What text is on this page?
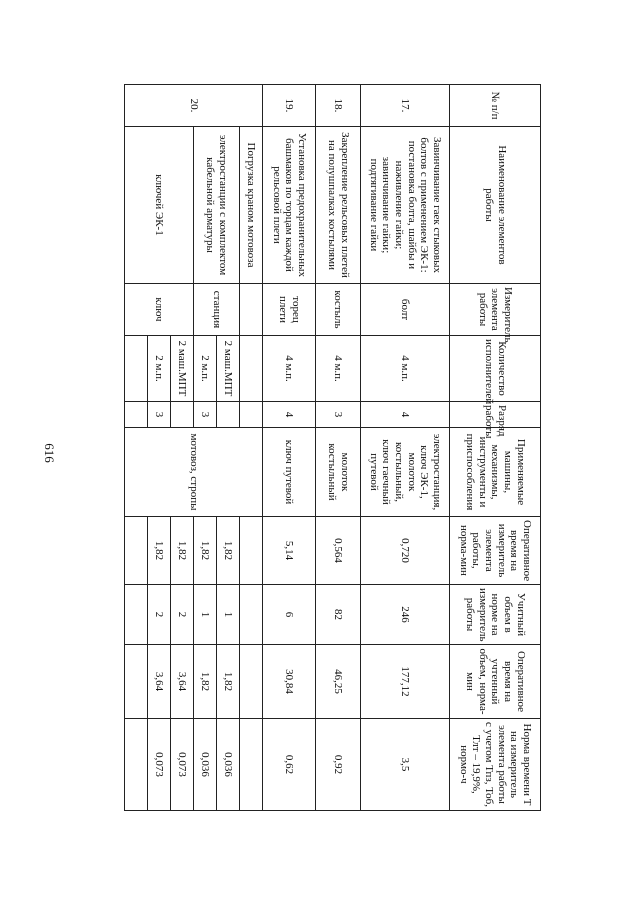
616
№ п/п	Наименование элементов работы	Измеритель элемента работы	Количество исполнителей	Разряд работы	Применяемые машины, механизмы, инструменты и приспособления	Оперативное время на измеритель элемента работы, норма-мин	Учитный объем в норме на измеритель работы	Оперативное время на учтенный объем, норма-мин	Норма времени Т на измеритель элемента работы с учетом Тпз, Тоб, Тлт – 19,9%, нормо-ч
17.	Завинчивание гаек стыковых болтов с применением ЭК-1: постановка болта, шайбы и наживление гайки; завинчивание гайки; подтягивание гайки	болт	4 м.п.	4	электростанция, ключ ЭК-1, молоток костыльный, ключ гаечный путевой	0,720	246	177,12	3,5
18.	Закрепление рельсовых плетей на полушпалках костылями	костыль	4 м.п.	3	молоток костыльный	0,564	82	46,25	0,92
19.	Установка предохранительных башмаков по торцам каждой рельсовой плети	торец плети	4 м.п.	4	ключ путевой	5,14	6	30,84	0,62
20.	Погрузка краном мотовоза				мотовоз, стропы				
	электростанции с комплектом кабельной арматуры	станция	2 маш.МПТ			1,82	1	1,82	0,036
			2 м.п.	3		1,82	1	1,82	0,036
	ключей ЭК-1	ключ	2 маш.МПТ			1,82	2	3,64	0,073
			2 м.п.	3		1,82	2	3,64	0,073
